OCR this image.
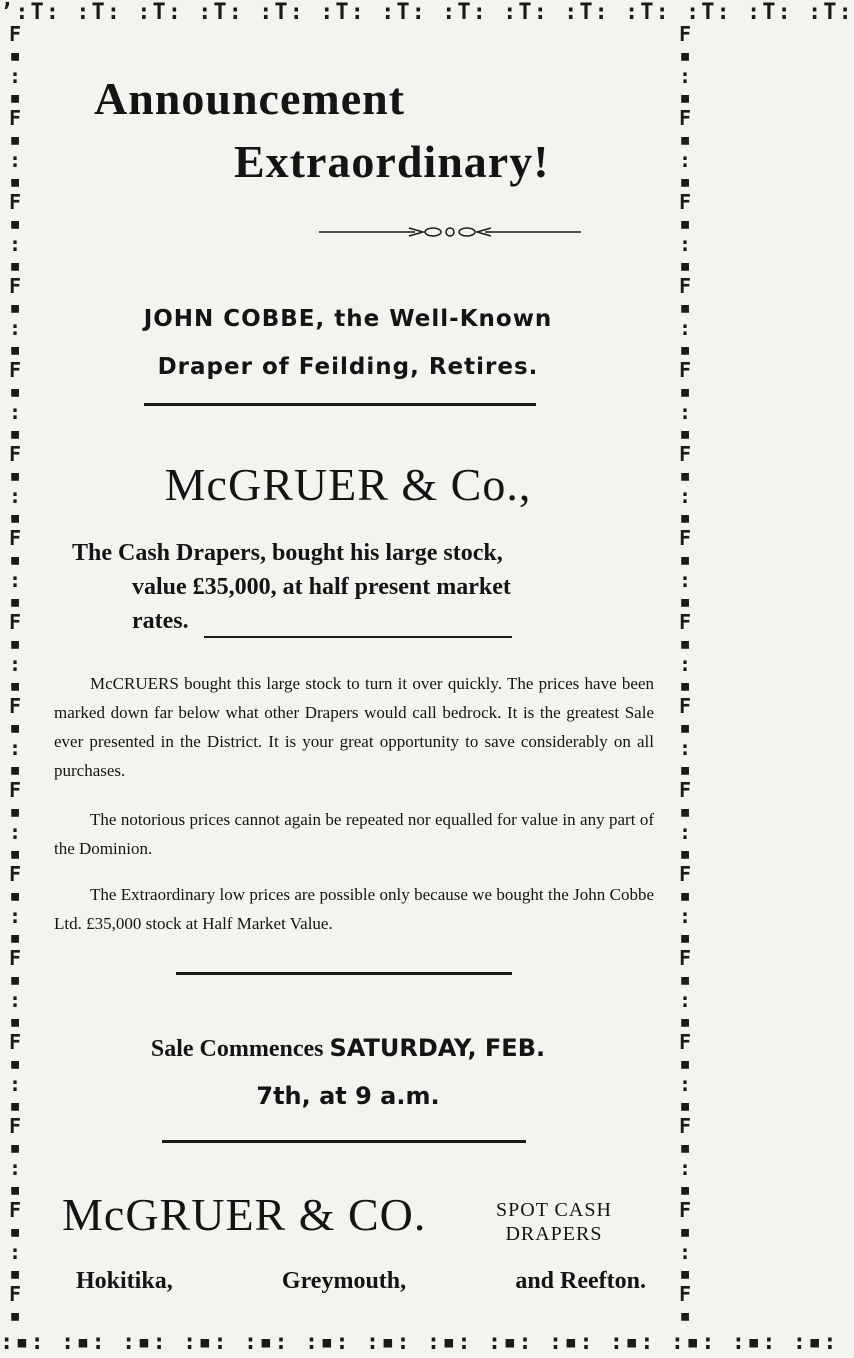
ʼ꞉T꞉ ꞉T꞉ ꞉T꞉ ꞉T꞉ ꞉T꞉ ꞉T꞉ ꞉T꞉ ꞉T꞉ ꞉T꞉ ꞉T꞉ ꞉T꞉ ꞉T꞉ ꞉T꞉ ꞉T꞉
F
▪
꞉
▪
F
▪
꞉
▪
F
▪
꞉
▪
F
▪
꞉
▪
F
▪
꞉
▪
F
▪
꞉
▪
F
▪
꞉
▪
F
▪
꞉
▪
F
▪
꞉
▪
F
▪
꞉
▪
F
▪
꞉
▪
F
▪
꞉
▪
F
▪
꞉
▪
F
▪
꞉
▪
F
▪
꞉
▪
F
▪
F
▪
꞉
▪
F
▪
꞉
▪
F
▪
꞉
▪
F
▪
꞉
▪
F
▪
꞉
▪
F
▪
꞉
▪
F
▪
꞉
▪
F
▪
꞉
▪
F
▪
꞉
▪
F
▪
꞉
▪
F
▪
꞉
▪
F
▪
꞉
▪
F
▪
꞉
▪
F
▪
꞉
▪
F
▪
꞉
▪
F
▪
꞉▪꞉ ꞉▪꞉ ꞉▪꞉ ꞉▪꞉ ꞉▪꞉ ꞉▪꞉ ꞉▪꞉ ꞉▪꞉ ꞉▪꞉ ꞉▪꞉ ꞉▪꞉ ꞉▪꞉ ꞉▪꞉ ꞉▪꞉
Announcement
Extraordinary!
JOHN COBBE, the Well-Known
Draper of Feilding, Retires.
McGRUER & Co.,
The Cash Drapers, bought his large stock,
value £35,000, at half present market
rates.
McCRUERS bought this large stock to turn it over quickly. The prices have been marked down far below what other Drapers would call bedrock. It is the greatest Sale ever presented in the District. It is your great opportunity to save considerably on all purchases.
The notorious prices cannot again be repeated nor equalled for value in any part of the Dominion.
The Extraordinary low prices are possible only because we bought the John Cobbe Ltd. £35,000 stock at Half Market Value.
Sale Commences SATURDAY, FEB.
7th, at 9 a.m.
McGRUER & CO.	SPOT CASH
DRAPERS
Hokitika,	Greymouth,	and Reefton.
